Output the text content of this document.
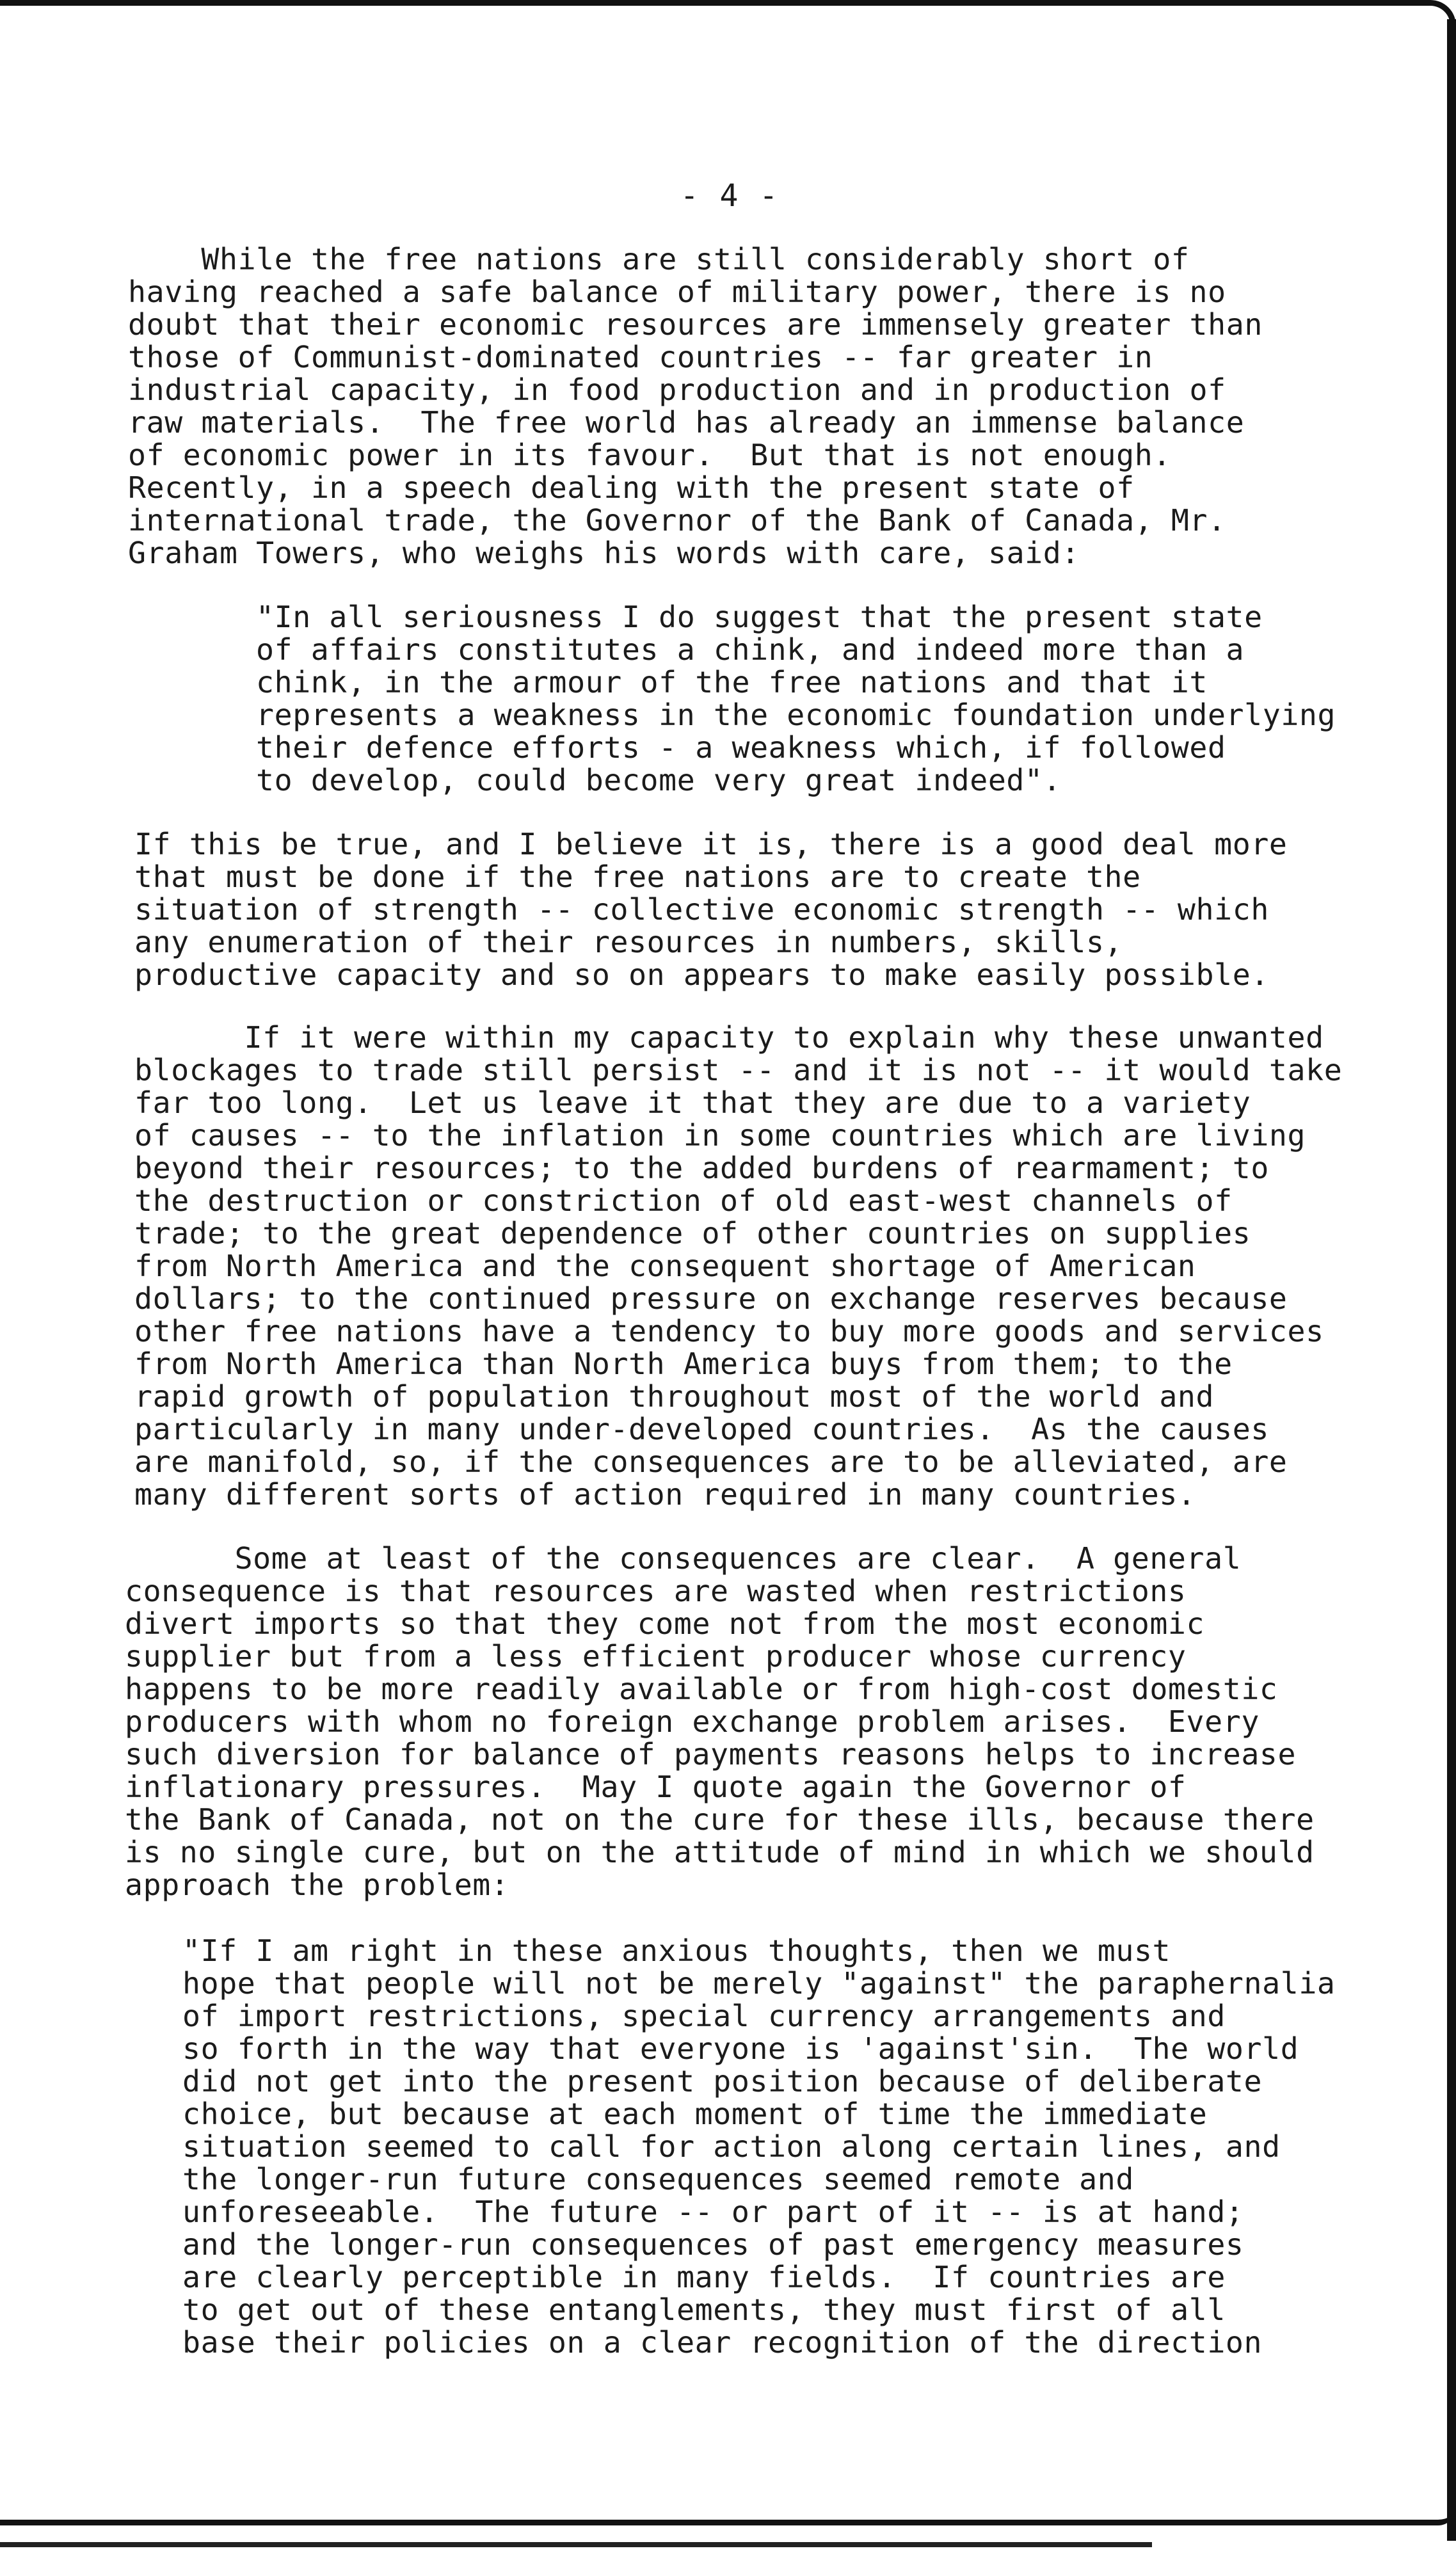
- 4 -
While the free nations are still considerably short of
having reached a safe balance of military power, there is no
doubt that their economic resources are immensely greater than
those of Communist-dominated countries -- far greater in
industrial capacity, in food production and in production of
raw materials.  The free world has already an immense balance
of economic power in its favour.  But that is not enough.
Recently, in a speech dealing with the present state of
international trade, the Governor of the Bank of Canada, Mr.
Graham Towers, who weighs his words with care, said:
"In all seriousness I do suggest that the present state
of affairs constitutes a chink, and indeed more than a
chink, in the armour of the free nations and that it
represents a weakness in the economic foundation underlying
their defence efforts - a weakness which, if followed
to develop, could become very great indeed".
If this be true, and I believe it is, there is a good deal more
that must be done if the free nations are to create the
situation of strength -- collective economic strength -- which
any enumeration of their resources in numbers, skills,
productive capacity and so on appears to make easily possible.
If it were within my capacity to explain why these unwanted
blockages to trade still persist -- and it is not -- it would take
far too long.  Let us leave it that they are due to a variety
of causes -- to the inflation in some countries which are living
beyond their resources; to the added burdens of rearmament; to
the destruction or constriction of old east-west channels of
trade; to the great dependence of other countries on supplies
from North America and the consequent shortage of American
dollars; to the continued pressure on exchange reserves because
other free nations have a tendency to buy more goods and services
from North America than North America buys from them; to the
rapid growth of population throughout most of the world and
particularly in many under-developed countries.  As the causes
are manifold, so, if the consequences are to be alleviated, are
many different sorts of action required in many countries.
Some at least of the consequences are clear.  A general
consequence is that resources are wasted when restrictions
divert imports so that they come not from the most economic
supplier but from a less efficient producer whose currency
happens to be more readily available or from high-cost domestic
producers with whom no foreign exchange problem arises.  Every
such diversion for balance of payments reasons helps to increase
inflationary pressures.  May I quote again the Governor of
the Bank of Canada, not on the cure for these ills, because there
is no single cure, but on the attitude of mind in which we should
approach the problem:
"If I am right in these anxious thoughts, then we must
hope that people will not be merely "against" the paraphernalia
of import restrictions, special currency arrangements and
so forth in the way that everyone is 'against'sin.  The world
did not get into the present position because of deliberate
choice, but because at each moment of time the immediate
situation seemed to call for action along certain lines, and
the longer-run future consequences seemed remote and
unforeseeable.  The future -- or part of it -- is at hand;
and the longer-run consequences of past emergency measures
are clearly perceptible in many fields.  If countries are
to get out of these entanglements, they must first of all
base their policies on a clear recognition of the direction
